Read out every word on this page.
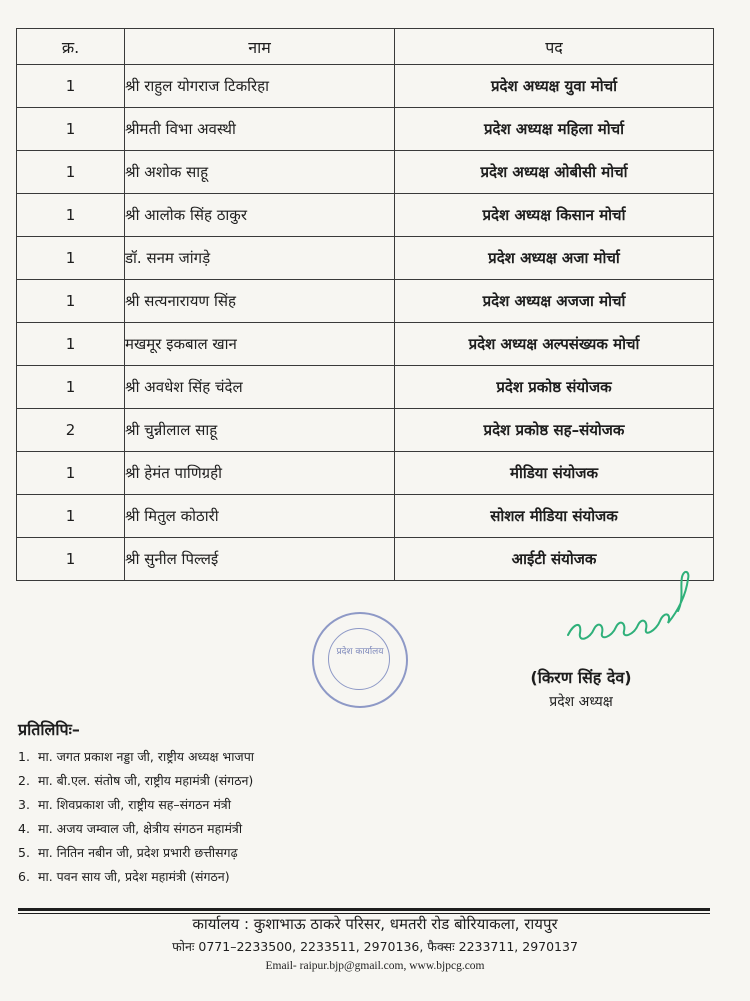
क्र.	नाम	पद
1	श्री राहुल योगराज टिकरिहा	प्रदेश अध्यक्ष युवा मोर्चा
1	श्रीमती विभा अवस्थी	प्रदेश अध्यक्ष महिला मोर्चा
1	श्री अशोक साहू	प्रदेश अध्यक्ष ओबीसी मोर्चा
1	श्री आलोक सिंह ठाकुर	प्रदेश अध्यक्ष किसान मोर्चा
1	डॉ. सनम जांगड़े	प्रदेश अध्यक्ष अजा मोर्चा
1	श्री सत्यनारायण सिंह	प्रदेश अध्यक्ष अजजा मोर्चा
1	मखमूर इकबाल खान	प्रदेश अध्यक्ष अल्पसंख्यक मोर्चा
1	श्री अवधेश सिंह चंदेल	प्रदेश प्रकोष्ठ संयोजक
2	श्री चुन्नीलाल साहू	प्रदेश प्रकोष्ठ सह–संयोजक
1	श्री हेमंत पाणिग्रही	मीडिया संयोजक
1	श्री मितुल कोठारी	सोशल मीडिया संयोजक
1	श्री सुनील पिल्लई	आईटी संयोजक
प्रदेश कार्यालय
(किरण सिंह देव)
प्रदेश अध्यक्ष
प्रतिलिपिः–
1. मा. जगत प्रकाश नड्डा जी, राष्ट्रीय अध्यक्ष भाजपा
2. मा. बी.एल. संतोष जी, राष्ट्रीय महामंत्री (संगठन)
3. मा. शिवप्रकाश जी, राष्ट्रीय सह–संगठन मंत्री
4. मा. अजय जम्वाल जी, क्षेत्रीय संगठन महामंत्री
5. मा. नितिन नबीन जी, प्रदेश प्रभारी छत्तीसगढ़
6. मा. पवन साय जी, प्रदेश महामंत्री (संगठन)
कार्यालय : कुशाभाऊ ठाकरे परिसर, धमतरी रोड बोरियाकला, रायपुर
फोनः 0771–2233500, 2233511, 2970136, फैक्सः 2233711, 2970137
Email- raipur.bjp@gmail.com, www.bjpcg.com
